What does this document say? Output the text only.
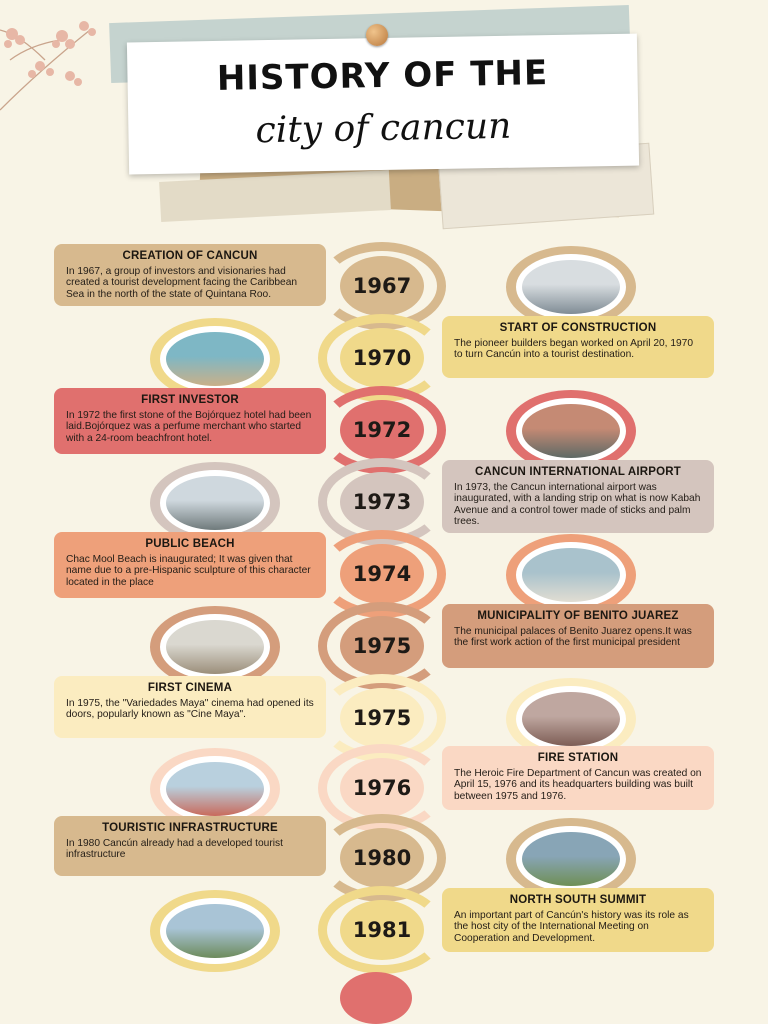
HISTORY OF THE
city of cancun
1967
CREATION OF CANCUN
In 1967, a group of investors and visionaries had created a tourist development facing the Caribbean Sea in the north of the state of Quintana Roo.
1970
START OF CONSTRUCTION
The pioneer builders began worked on April 20, 1970 to turn Cancún into a tourist destination.
1972
FIRST INVESTOR
In 1972 the first stone of the Bojórquez hotel had been laid.Bojórquez was a perfume merchant who started with a 24-room beachfront hotel.
1973
CANCUN INTERNATIONAL AIRPORT
In 1973, the Cancun international airport was inaugurated, with a landing strip on what is now Kabah Avenue and a control tower made of sticks and palm trees.
1974
PUBLIC BEACH
Chac Mool Beach is inaugurated; It was given that name due to a pre-Hispanic sculpture of this character located in the place
1975
MUNICIPALITY OF BENITO JUAREZ
The municipal palaces of Benito Juarez opens.It was the first work action of the first municipal president
1975
FIRST CINEMA
In 1975, the "Variedades Maya" cinema had opened its doors, popularly known as "Cine Maya".
1976
FIRE STATION
The Heroic Fire Department of Cancun was created on April 15, 1976 and its headquarters building was built between 1975 and 1976.
1980
TOURISTIC INFRASTRUCTURE
In 1980 Cancún already had a developed tourist infrastructure
1981
NORTH SOUTH SUMMIT
An important part of Cancún's history was its role as the host city of the International Meeting on Cooperation and Development.
